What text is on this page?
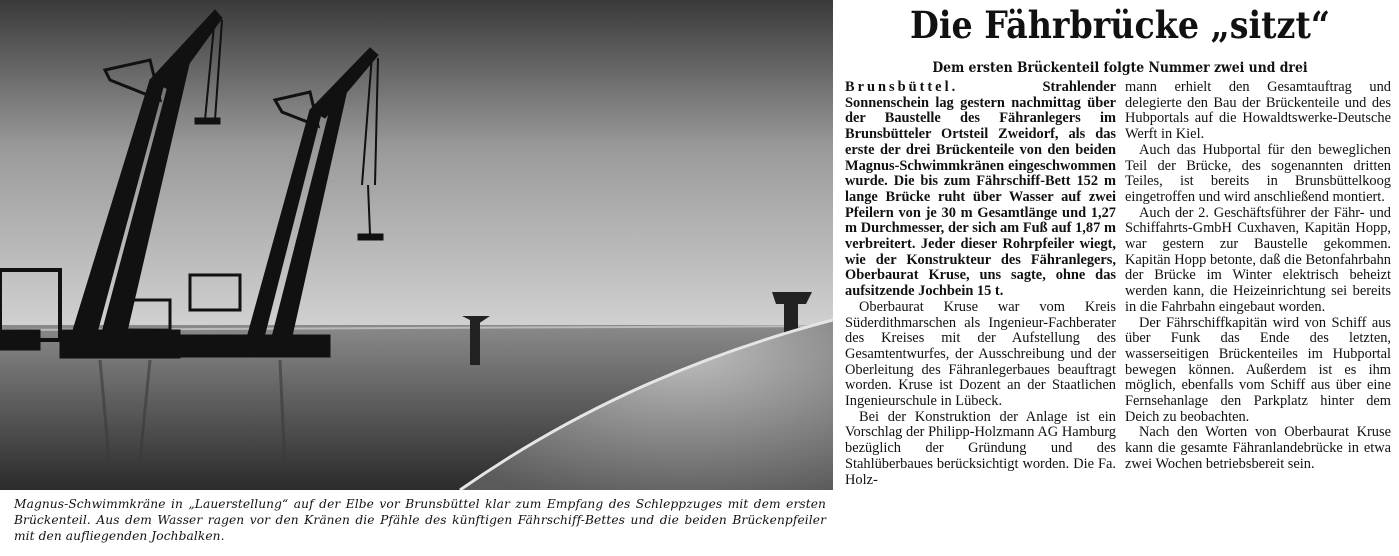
Magnus-Schwimmkräne in „Lauerstellung“ auf der Elbe vor Brunsbüttel klar zum Empfang des Schleppzuges mit dem ersten Brückenteil. Aus dem Wasser ragen vor den Kränen die Pfähle des künftigen Fährschiff-Bettes und die beiden Brückenpfeiler mit den aufliegenden Jochbalken.
Die Fährbrücke „sitzt“
Dem ersten Brückenteil folgte Nummer zwei und drei

Brunsbüttel.	Strahlender Sonnenschein lag gestern nachmittag über der Baustelle des Fähranlegers im Brunsbütteler Ortsteil Zweidorf, als das erste der drei Brückenteile von den beiden Magnus-Schwimmkränen eingeschwommen wurde. Die bis zum Fährschiff-Bett 152 m lange Brücke ruht über Wasser auf zwei Pfeilern von je 30 m Gesamtlänge und 1,27 m Durchmesser, der sich am Fuß auf 1,87 m verbreitert. Jeder dieser Rohrpfeiler wiegt, wie der Konstrukteur des Fähranlegers, Oberbaurat Kruse, uns sagte, ohne das aufsitzende Jochbein 15 t.

Oberbaurat Kruse war vom Kreis Süderdithmarschen als Ingenieur-Fachberater des Kreises mit der Aufstellung des Gesamtentwurfes, der Ausschreibung und der Oberleitung des Fähranlegerbaues beauftragt worden. Kruse ist Dozent an der Staatlichen Ingenieurschule in Lübeck.

Bei der Konstruktion der Anlage ist ein Vorschlag der Philipp-Holzmann AG Hamburg bezüglich der Gründung und des Stahlüberbaues berücksichtigt worden. Die Fa. Holz-

mann erhielt den Gesamtauftrag und delegierte den Bau der Brückenteile und des Hubportals auf die Howaldtswerke-Deutsche Werft in Kiel.

Auch das Hubportal für den beweglichen Teil der Brücke, des sogenannten dritten Teiles, ist bereits in Brunsbüttelkoog eingetroffen und wird anschließend montiert.

Auch der 2. Geschäftsführer der Fähr- und Schiffahrts-GmbH Cuxhaven, Kapitän Hopp, war gestern zur Baustelle gekommen. Kapitän Hopp betonte, daß die Betonfahrbahn der Brücke im Winter elektrisch beheizt werden kann, die Heizeinrichtung sei bereits in die Fahrbahn eingebaut worden.

Der Fährschiffkapitän wird von Schiff aus über Funk das Ende des letzten, wasserseitigen Brückenteiles im Hubportal bewegen können. Außerdem ist es ihm möglich, ebenfalls vom Schiff aus über eine Fernsehanlage den Parkplatz hinter dem Deich zu beobachten.

Nach den Worten von Oberbaurat Kruse kann die gesamte Fähranlandebrücke in etwa zwei Wochen betriebsbereit sein.
